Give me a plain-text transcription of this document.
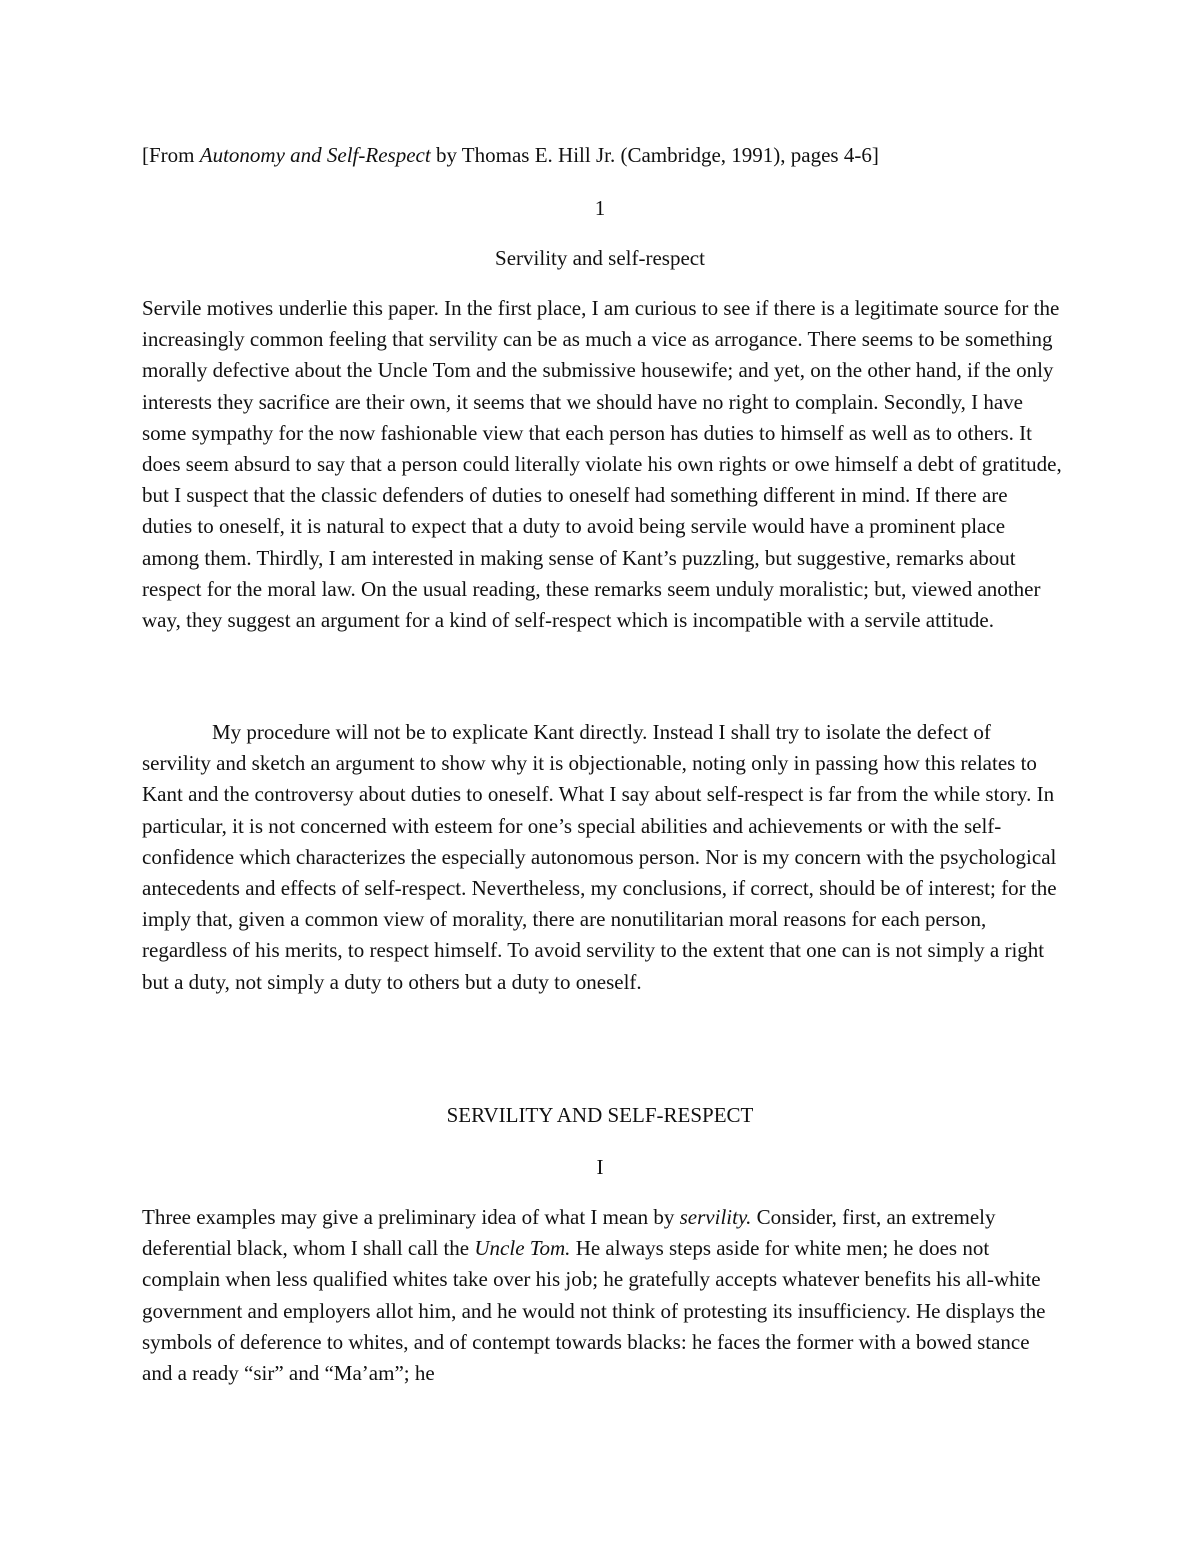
[From Autonomy and Self-Respect by Thomas E. Hill Jr. (Cambridge, 1991), pages 4-6]

1

Servility and self-respect

Servile motives underlie this paper. In the first place, I am curious to see if there is a legitimate source for the increasingly common feeling that servility can be as much a vice as arrogance. There seems to be something morally defective about the Uncle Tom and the submissive housewife; and yet, on the other hand, if the only interests they sacrifice are their own, it seems that we should have no right to complain. Secondly, I have some sympathy for the now fashionable view that each person has duties to himself as well as to others. It does seem absurd to say that a person could literally violate his own rights or owe himself a debt of gratitude, but I suspect that the classic defenders of duties to oneself had something different in mind. If there are duties to oneself, it is natural to expect that a duty to avoid being servile would have a prominent place among them. Thirdly, I am interested in making sense of Kant’s puzzling, but suggestive, remarks about respect for the moral law. On the usual reading, these remarks seem unduly moralistic; but, viewed another way, they suggest an argument for a kind of self-respect which is incompatible with a servile attitude.

My procedure will not be to explicate Kant directly. Instead I shall try to isolate the defect of servility and sketch an argument to show why it is objectionable, noting only in passing how this relates to Kant and the controversy about duties to oneself. What I say about self-respect is far from the while story. In particular, it is not concerned with esteem for one’s special abilities and achievements or with the self-confidence which characterizes the especially autonomous person. Nor is my concern with the psychological antecedents and effects of self-respect. Nevertheless, my conclusions, if correct, should be of interest; for the imply that, given a common view of morality, there are nonutilitarian moral reasons for each person, regardless of his merits, to respect himself. To avoid servility to the extent that one can is not simply a right but a duty, not simply a duty to others but a duty to oneself.

SERVILITY AND SELF-RESPECT

I

Three examples may give a preliminary idea of what I mean by servility. Consider, first, an extremely deferential black, whom I shall call the Uncle Tom. He always steps aside for white men; he does not complain when less qualified whites take over his job; he gratefully accepts whatever benefits his all-white government and employers allot him, and he would not think of protesting its insufficiency. He displays the symbols of deference to whites, and of contempt towards blacks: he faces the former with a bowed stance and a ready “sir” and “Ma’am”; he
